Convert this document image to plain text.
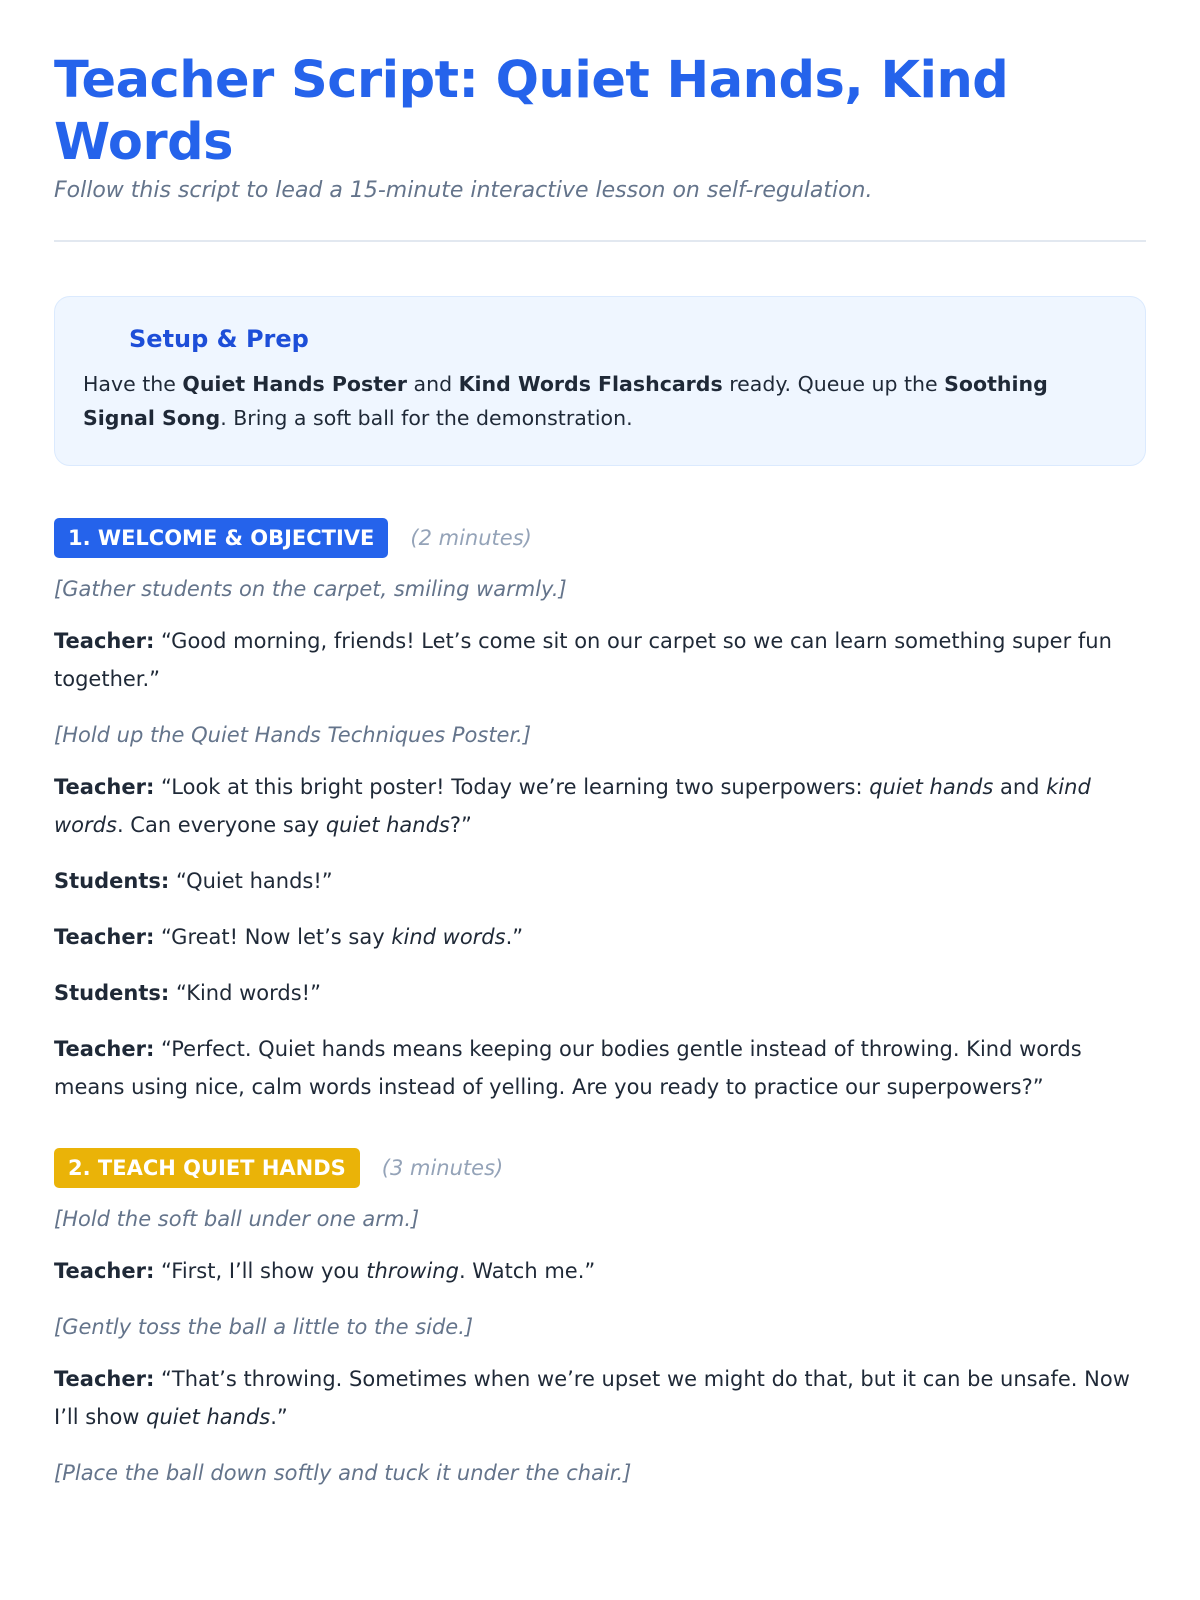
Teacher Script: Quiet Hands, Kind Words
Follow this script to lead a 15-minute interactive lesson on self-regulation.
Setup & Prep
Have the Quiet Hands Poster and Kind Words Flashcards ready. Queue up the Soothing Signal Song. Bring a soft ball for the demonstration.
1. WELCOME & OBJECTIVE	(2 minutes)
[Gather students on the carpet, smiling warmly.]
Teacher: “Good morning, friends! Let’s come sit on our carpet so we can learn something super fun together.”
[Hold up the Quiet Hands Techniques Poster.]
Teacher: “Look at this bright poster! Today we’re learning two superpowers: quiet hands and kind words. Can everyone say quiet hands?”
Students: “Quiet hands!”
Teacher: “Great! Now let’s say kind words.”
Students: “Kind words!”
Teacher: “Perfect. Quiet hands means keeping our bodies gentle instead of throwing. Kind words means using nice, calm words instead of yelling. Are you ready to practice our superpowers?”
2. TEACH QUIET HANDS	(3 minutes)
[Hold the soft ball under one arm.]
Teacher: “First, I’ll show you throwing. Watch me.”
[Gently toss the ball a little to the side.]
Teacher: “That’s throwing. Sometimes when we’re upset we might do that, but it can be unsafe. Now I’ll show quiet hands.”
[Place the ball down softly and tuck it under the chair.]
